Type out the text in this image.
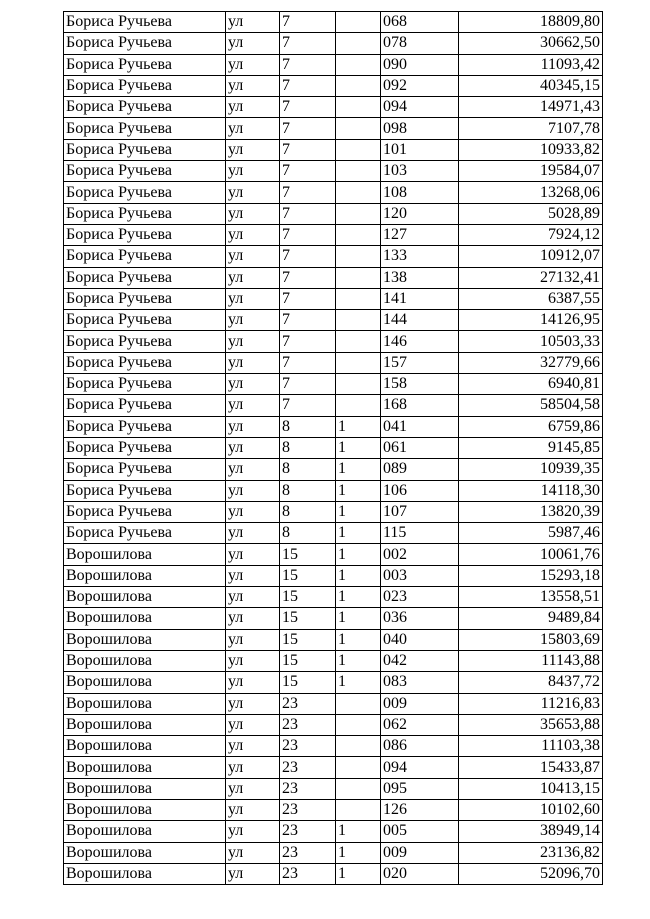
Бориса Ручьева	ул	7		068	18809,80
Бориса Ручьева	ул	7		078	30662,50
Бориса Ручьева	ул	7		090	11093,42
Бориса Ручьева	ул	7		092	40345,15
Бориса Ручьева	ул	7		094	14971,43
Бориса Ручьева	ул	7		098	7107,78
Бориса Ручьева	ул	7		101	10933,82
Бориса Ручьева	ул	7		103	19584,07
Бориса Ручьева	ул	7		108	13268,06
Бориса Ручьева	ул	7		120	5028,89
Бориса Ручьева	ул	7		127	7924,12
Бориса Ручьева	ул	7		133	10912,07
Бориса Ручьева	ул	7		138	27132,41
Бориса Ручьева	ул	7		141	6387,55
Бориса Ручьева	ул	7		144	14126,95
Бориса Ручьева	ул	7		146	10503,33
Бориса Ручьева	ул	7		157	32779,66
Бориса Ручьева	ул	7		158	6940,81
Бориса Ручьева	ул	7		168	58504,58
Бориса Ручьева	ул	8	1	041	6759,86
Бориса Ручьева	ул	8	1	061	9145,85
Бориса Ручьева	ул	8	1	089	10939,35
Бориса Ручьева	ул	8	1	106	14118,30
Бориса Ручьева	ул	8	1	107	13820,39
Бориса Ручьева	ул	8	1	115	5987,46
Ворошилова	ул	15	1	002	10061,76
Ворошилова	ул	15	1	003	15293,18
Ворошилова	ул	15	1	023	13558,51
Ворошилова	ул	15	1	036	9489,84
Ворошилова	ул	15	1	040	15803,69
Ворошилова	ул	15	1	042	11143,88
Ворошилова	ул	15	1	083	8437,72
Ворошилова	ул	23		009	11216,83
Ворошилова	ул	23		062	35653,88
Ворошилова	ул	23		086	11103,38
Ворошилова	ул	23		094	15433,87
Ворошилова	ул	23		095	10413,15
Ворошилова	ул	23		126	10102,60
Ворошилова	ул	23	1	005	38949,14
Ворошилова	ул	23	1	009	23136,82
Ворошилова	ул	23	1	020	52096,70
